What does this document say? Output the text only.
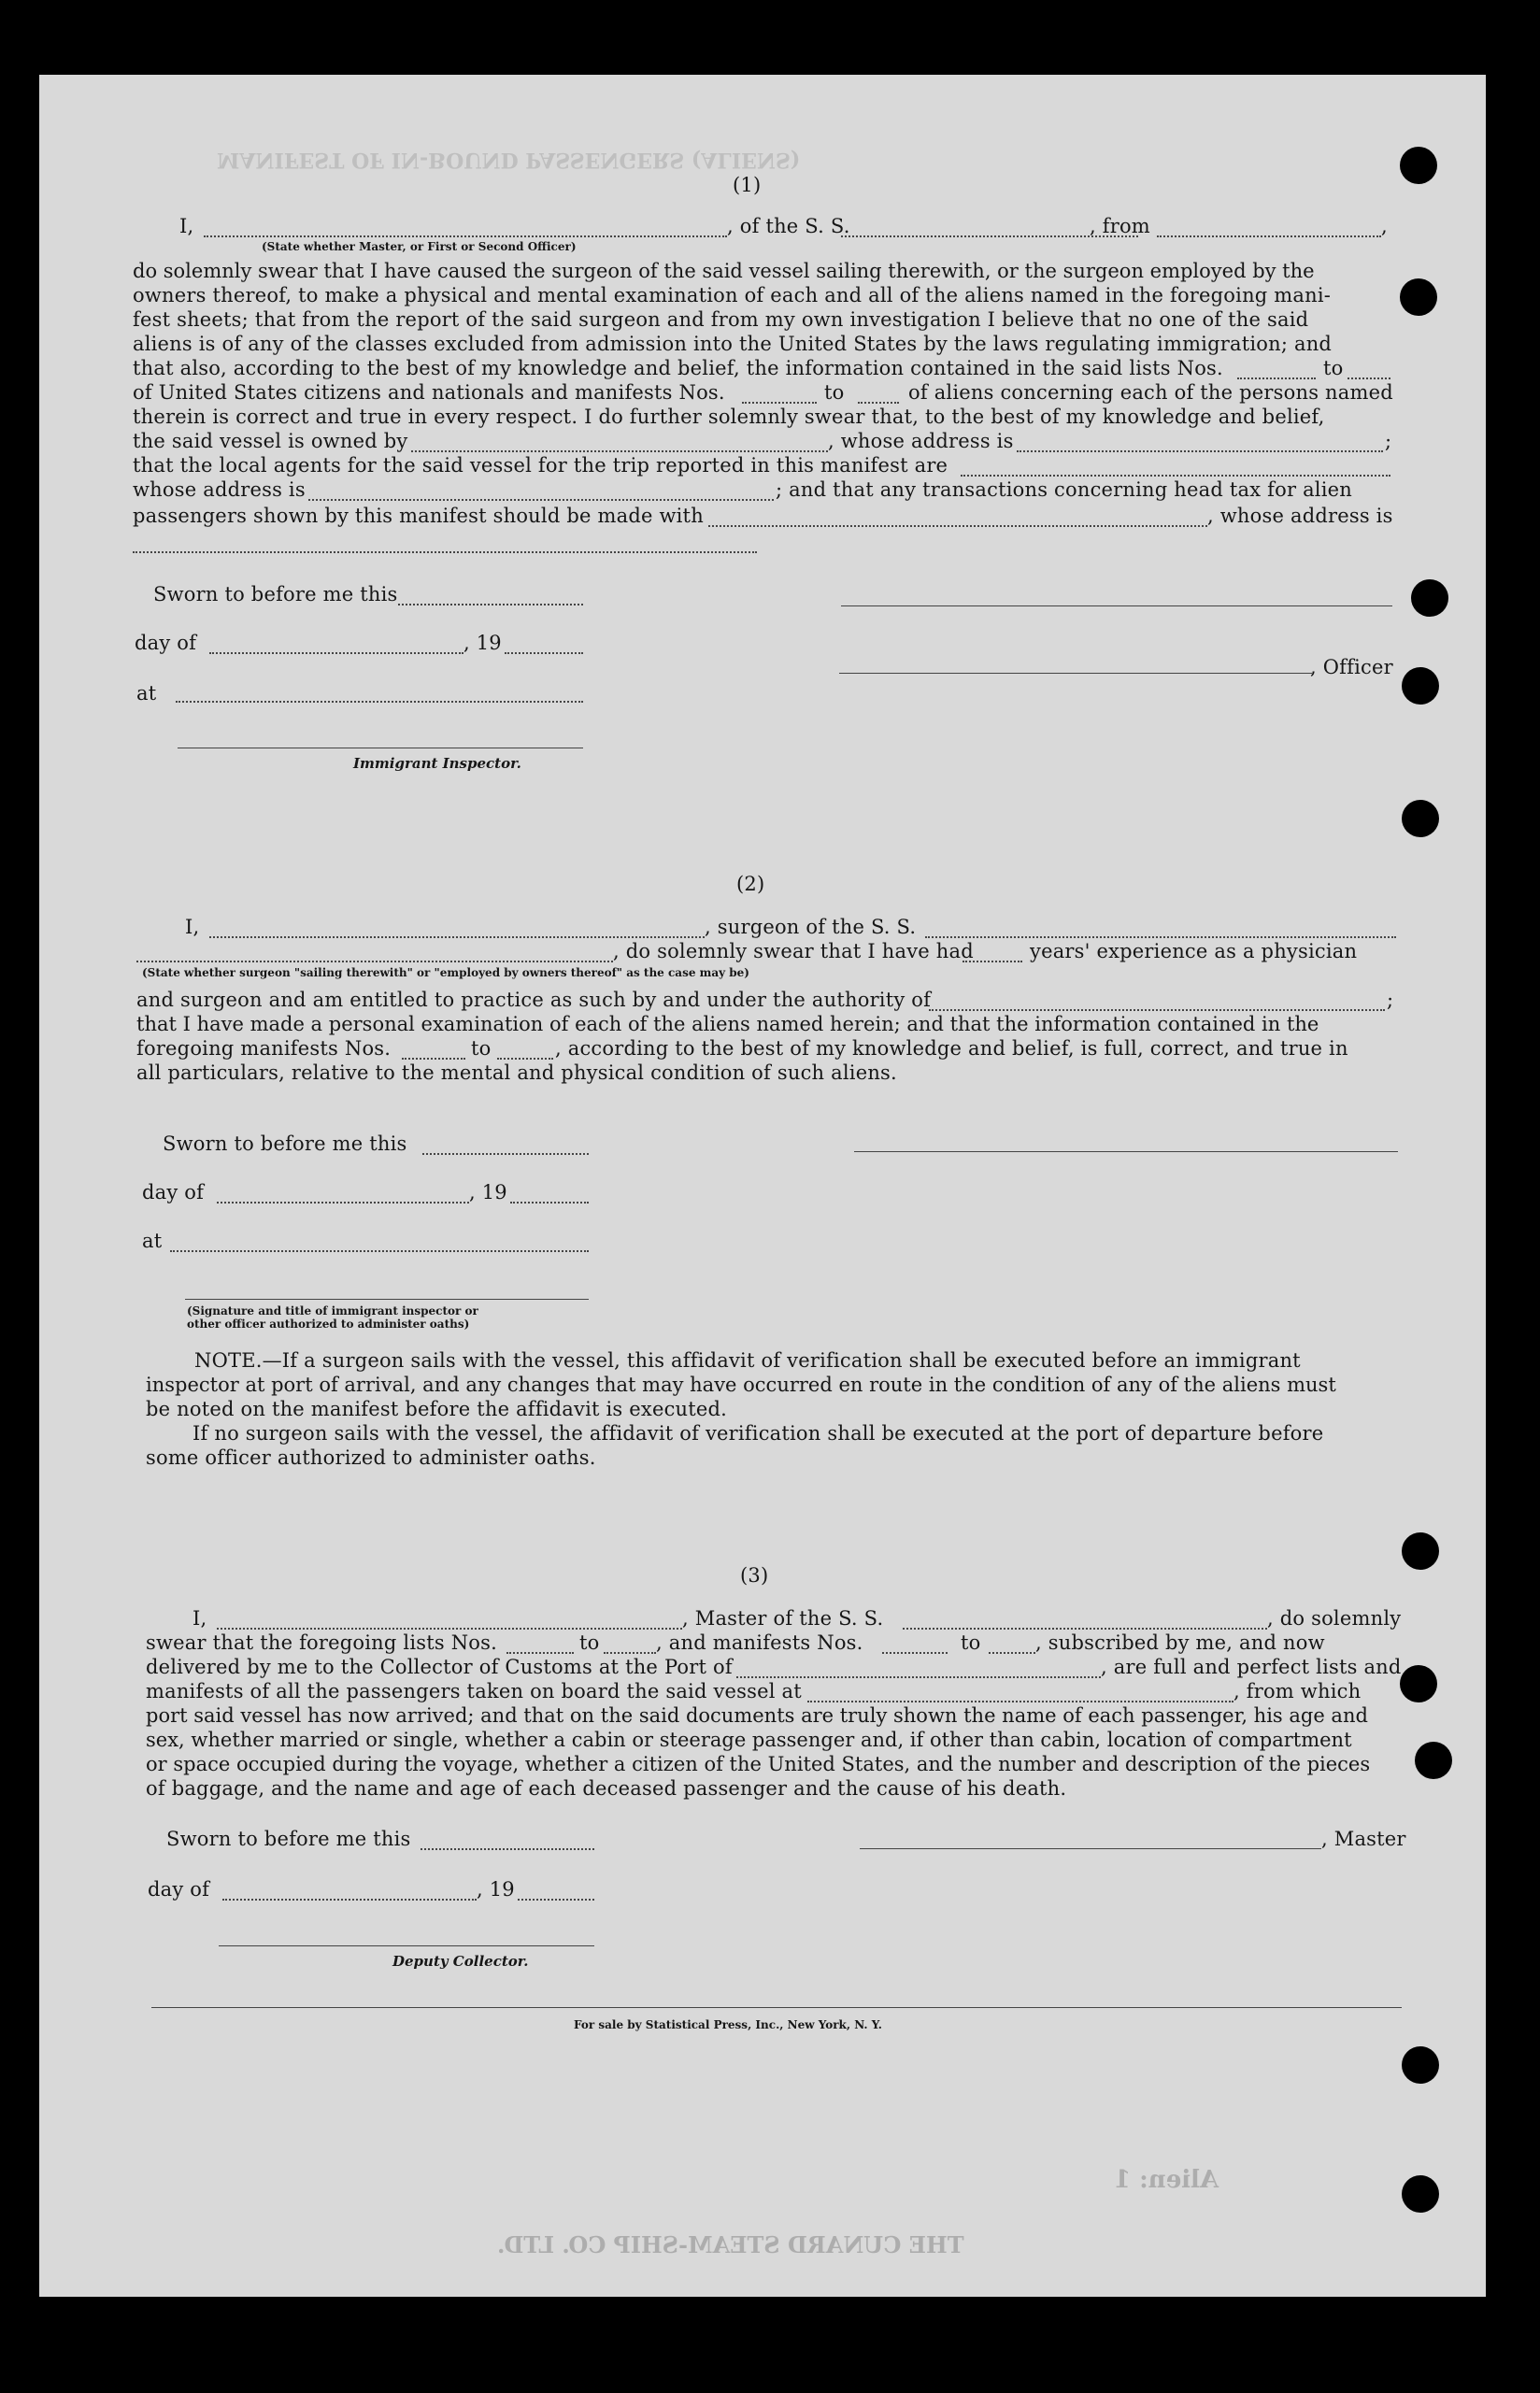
MANIFEST OF IN-BOUND PASSENGERS (ALIENS)
Alien: 1
THE CUNARD STEAM-SHIP CO. LTD.
(1)
I,	, of the S. S.	, from	,
(State whether Master, or First or Second Officer)
do solemnly swear that I have caused the surgeon of the said vessel sailing therewith, or the surgeon employed by the
owners thereof, to make a physical and mental examination of each and all of the aliens named in the foregoing mani-
fest sheets; that from the report of the said surgeon and from my own investigation I believe that no one of the said
aliens is of any of the classes excluded from admission into the United States by the laws regulating immigration; and
that also, according to the best of my knowledge and belief, the information contained in the said lists Nos.	to
of United States citizens and nationals and manifests Nos.	to	of aliens concerning each of the persons named
therein is correct and true in every respect. I do further solemnly swear that, to the best of my knowledge and belief,
the said vessel is owned by	, whose address is	;
that the local agents for the said vessel for the trip reported in this manifest are
whose address is	; and that any transactions concerning head tax for alien
passengers shown by this manifest should be made with	, whose address is
Sworn to before me this
day of	, 19
, Officer
at
Immigrant Inspector.
(2)
I,	, surgeon of the S. S.
, do solemnly swear that I have had	years' experience as a physician
(State whether surgeon "sailing therewith" or "employed by owners thereof" as the case may be)
and surgeon and am entitled to practice as such by and under the authority of	;
that I have made a personal examination of each of the aliens named herein; and that the information contained in the
foregoing manifests Nos.	to	, according to the best of my knowledge and belief, is full, correct, and true in
all particulars, relative to the mental and physical condition of such aliens.
Sworn to before me this
day of	, 19
at
(Signature and title of immigrant inspector or
other officer authorized to administer oaths)
NOTE.—If a surgeon sails with the vessel, this affidavit of verification shall be executed before an immigrant
inspector at port of arrival, and any changes that may have occurred en route in the condition of any of the aliens must
be noted on the manifest before the affidavit is executed.
If no surgeon sails with the vessel, the affidavit of verification shall be executed at the port of departure before
some officer authorized to administer oaths.
(3)
I,	, Master of the S. S.	, do solemnly
swear that the foregoing lists Nos.	to	, and manifests Nos.	to	, subscribed by me, and now
delivered by me to the Collector of Customs at the Port of	, are full and perfect lists and
manifests of all the passengers taken on board the said vessel at	, from which
port said vessel has now arrived; and that on the said documents are truly shown the name of each passenger, his age and
sex, whether married or single, whether a cabin or steerage passenger and, if other than cabin, location of compartment
or space occupied during the voyage, whether a citizen of the United States, and the number and description of the pieces
of baggage, and the name and age of each deceased passenger and the cause of his death.
Sworn to before me this	, Master
day of	, 19
Deputy Collector.
For sale by Statistical Press, Inc., New York, N. Y.
